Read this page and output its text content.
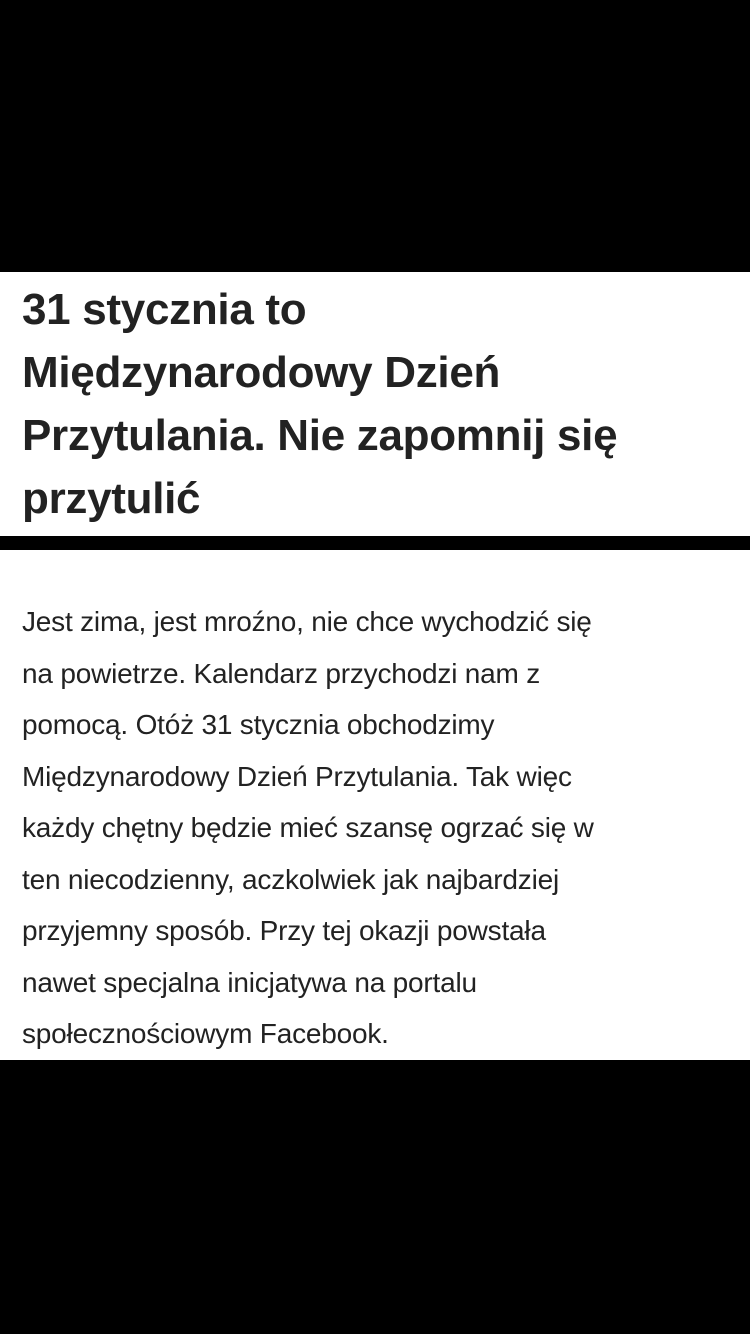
31 stycznia to
Międzynarodowy Dzień
Przytulania. Nie zapomnij się
przytulić

Jest zima, jest mroźno, nie chce wychodzić się
na powietrze. Kalendarz przychodzi nam z
pomocą. Otóż 31 stycznia obchodzimy
Międzynarodowy Dzień Przytulania. Tak więc
każdy chętny będzie mieć szansę ogrzać się w
ten niecodzienny, aczkolwiek jak najbardziej
przyjemny sposób. Przy tej okazji powstała
nawet specjalna inicjatywa na portalu
społecznościowym Facebook.
